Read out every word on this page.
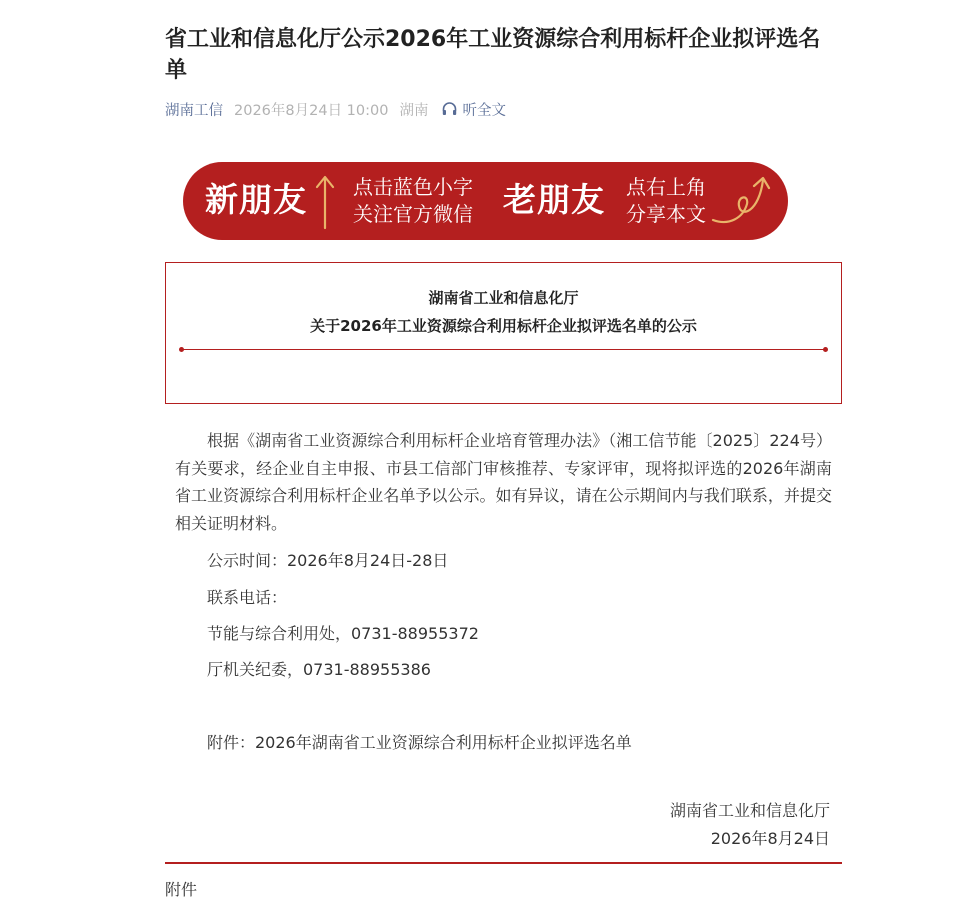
省工业和信息化厅公示2026年工业资源综合利用标杆企业拟评选名单
湖南工信 2026年8月24日 10:00 湖南 听全文
新朋友 点击蓝色小字
关注官方微信 老朋友 点右上角
分享本文
湖南省工业和信息化厅
关于2026年工业资源综合利用标杆企业拟评选名单的公示

根据《湖南省工业资源综合利用标杆企业培育管理办法》（湘工信节能〔2025〕224号）有关要求，经企业自主申报、市县工信部门审核推荐、专家评审，现将拟评选的2026年湖南省工业资源综合利用标杆企业名单予以公示。如有异议，请在公示期间内与我们联系，并提交相关证明材料。

公示时间：2026年8月24日-28日
联系电话：
节能与综合利用处，0731-88955372
厅机关纪委，0731-88955386
附件：2026年湖南省工业资源综合利用标杆企业拟评选名单
湖南省工业和信息化厅
2026年8月24日
附件
